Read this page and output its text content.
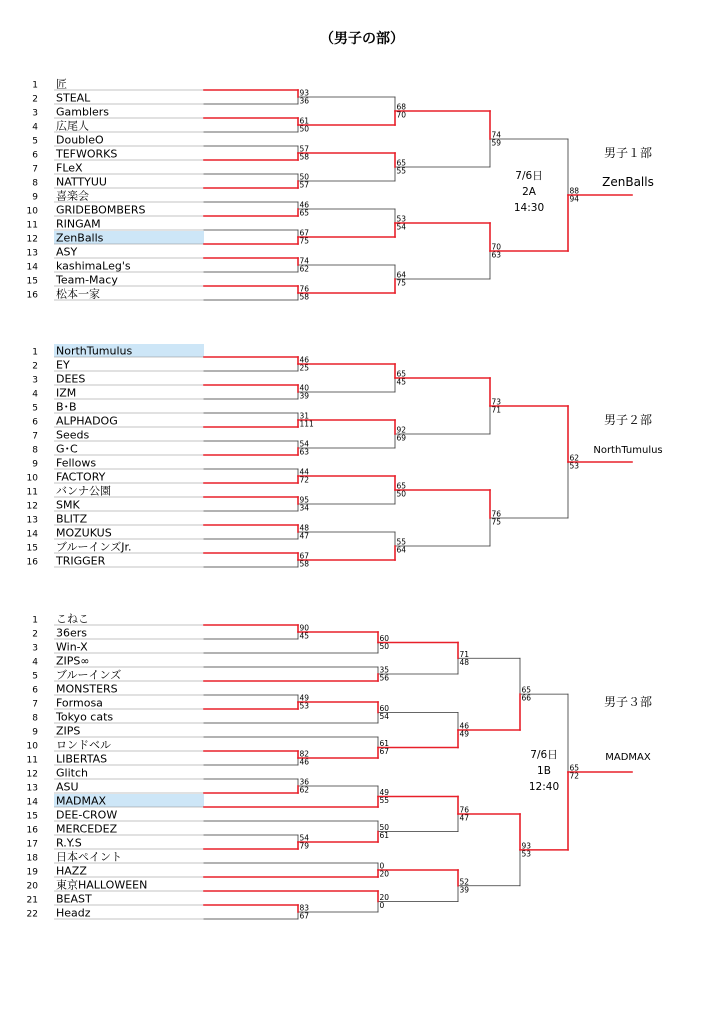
（男子の部）
1 匠
2 STEAL
3 Gamblers
4 広尾人
5 DoubleO
6 TEFWORKS
7 FLeX
8 NATTYUU
9 喜楽会
10 GRIDEBOMBERS
11 RINGAM
12 ZenBalls
13 ASY
14 kashimaLeg's
15 Team-Macy
16 松本一家
93
36
61
50
57
58
50
57
46
65
67
75
74
62
76
58
68
70
65
55
53
54
64
75
74
59
70
63
88
94
男子１部
ZenBalls
7/6日
2A
14:30
1 NorthTumulus
2 EY
3 DEES
4 IZM
5 B･B
6 ALPHADOG
7 Seeds
8 G･C
9 Fellows
10 FACTORY
11 バンナ公園
12 SMK
13 BLITZ
14 MOZUKUS
15 ブルーインズJr.
16 TRIGGER
46
25
40
39
31
111
54
63
44
72
95
34
48
47
67
58
65
45
92
69
65
50
55
64
73
71
76
75
62
53
男子２部
NorthTumulus
1 こねこ
2 36ers
3 Win-X
4 ZIPS∞
5 ブルーインズ
6 MONSTERS
7 Formosa
8 Tokyo cats
9 ZIPS
10 ロンドベル
11 LIBERTAS
12 Glitch
13 ASU
14 MADMAX
15 DEE-CROW
16 MERCEDEZ
17 R.Y.S
18 日本ペイント
19 HAZZ
20 東京HALLOWEEN
21 BEAST
22 Headz
90
45
49
53
82
46
36
62
54
79
83
67
60
50
35
56
60
54
61
67
49
55
50
61
0
20
20
0
71
48
46
49
76
47
52
39
65
66
93
53
65
72
男子３部
MADMAX
7/6日
1B
12:40
